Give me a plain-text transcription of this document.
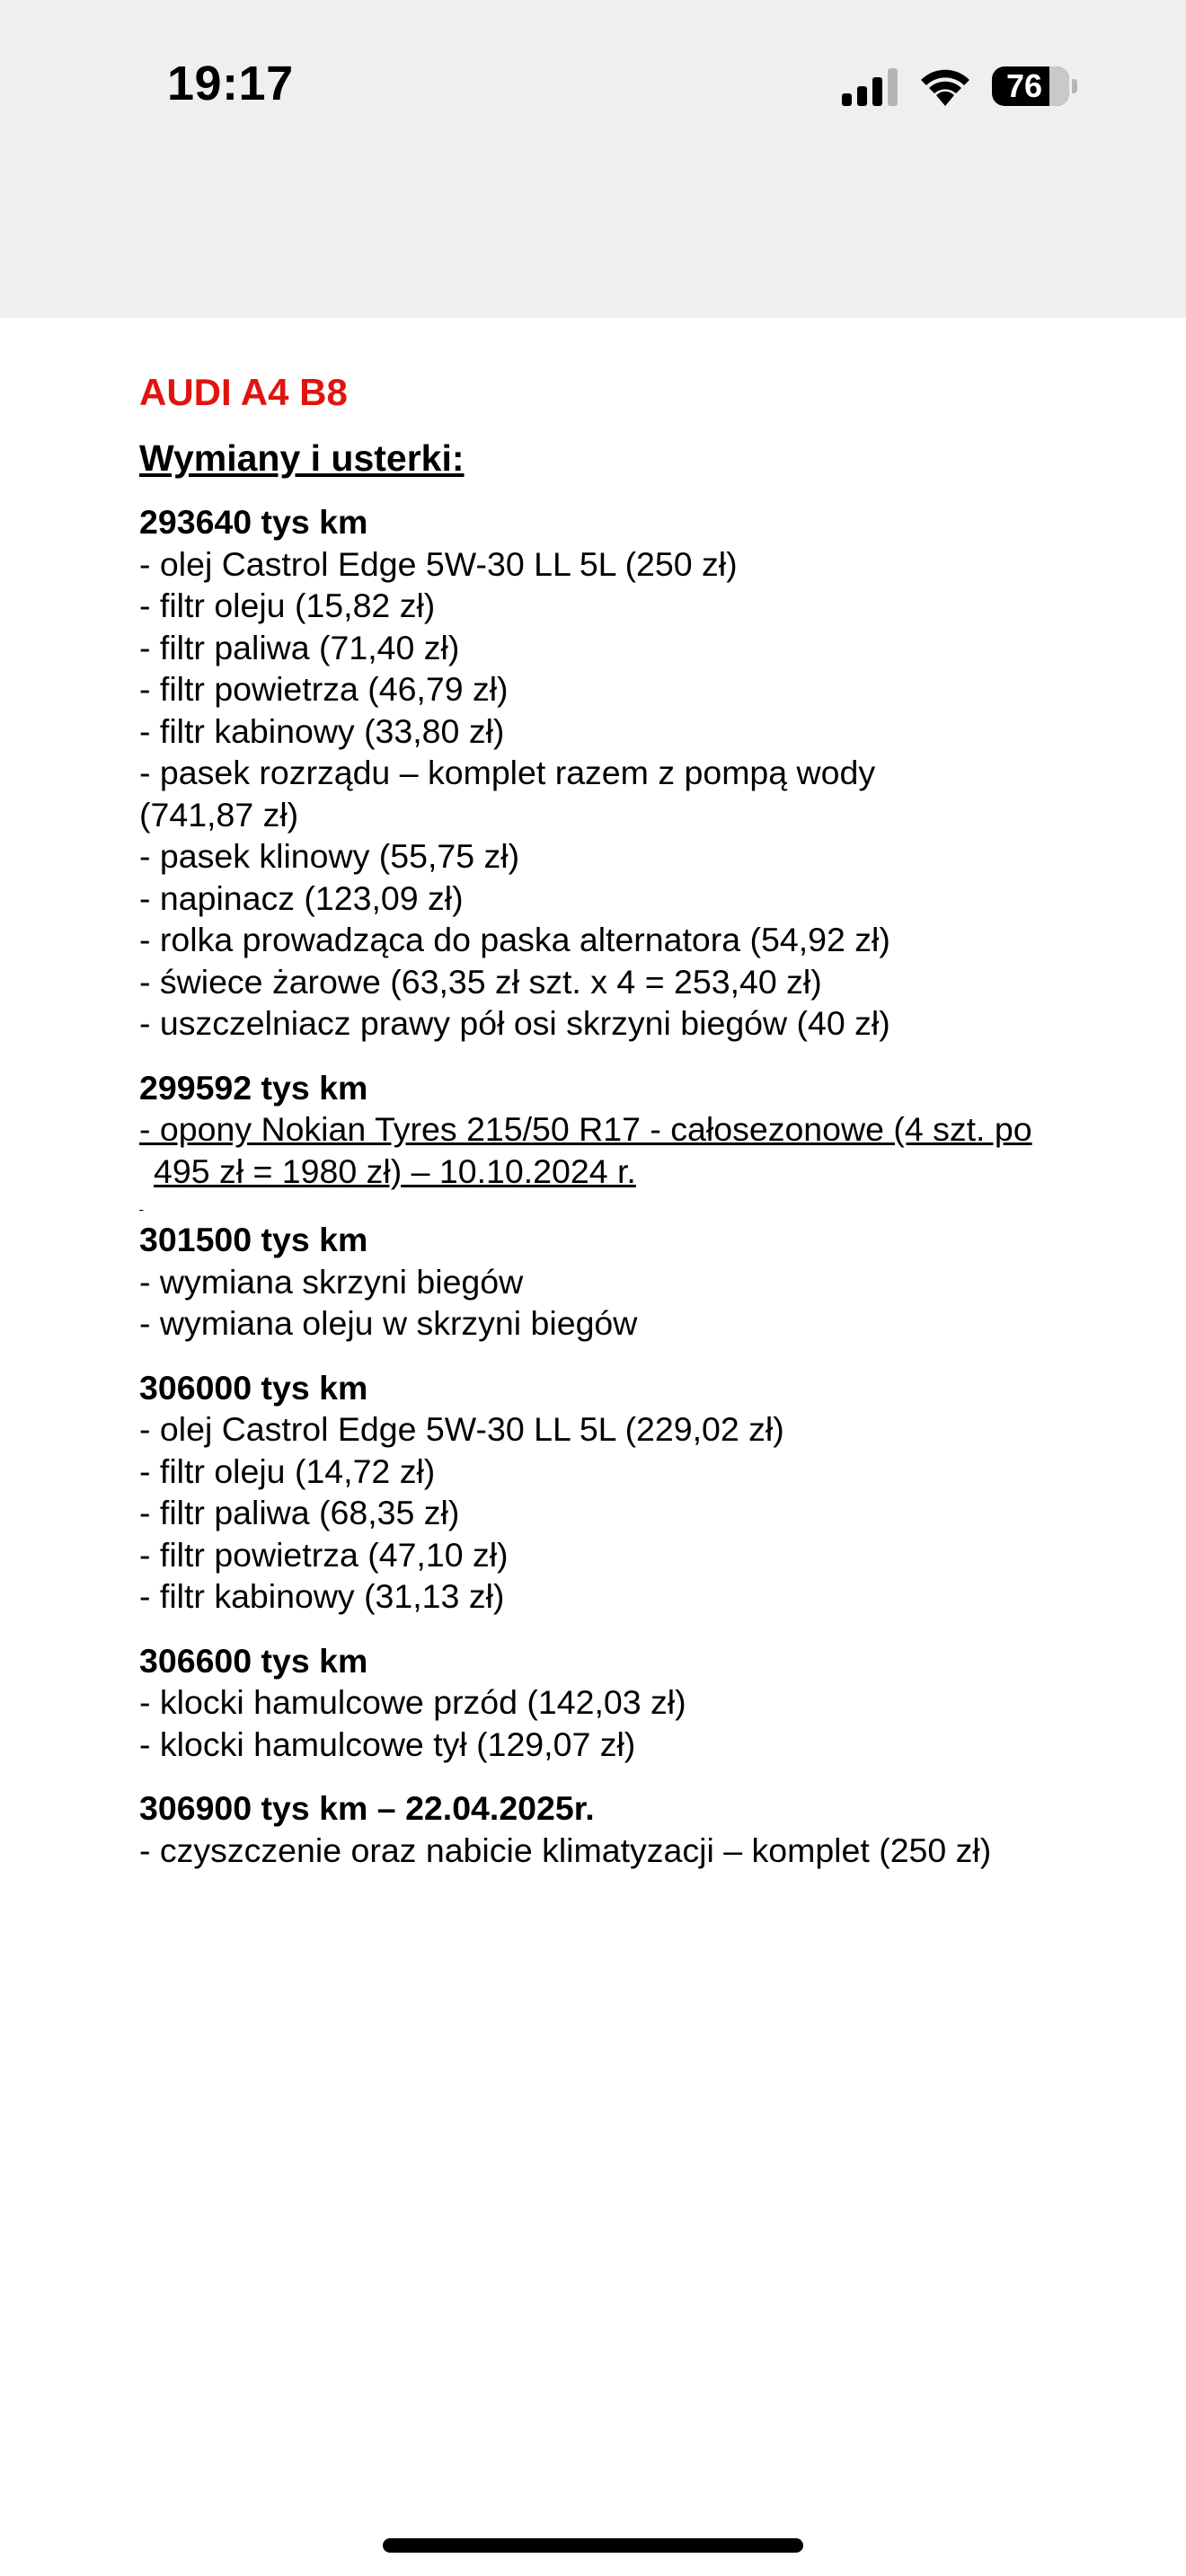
19:17	76
AUDI A4 B8
Wymiany i usterki:
293640 tys km
- olej Castrol Edge 5W-30 LL 5L (250 zł)
- filtr oleju (15,82 zł)
- filtr paliwa (71,40 zł)
- filtr powietrza (46,79 zł)
- filtr kabinowy (33,80 zł)
- pasek rozrządu – komplet razem z pompą wody (741,87 zł)
- pasek klinowy (55,75 zł)
- napinacz (123,09 zł)
- rolka prowadząca do paska alternatora (54,92 zł)
- świece żarowe (63,35 zł szt. x 4 = 253,40 zł)
- uszczelniacz prawy pół osi skrzyni biegów (40 zł)
299592 tys km
- opony Nokian Tyres 215/50 R17 - całosezonowe (4 szt. po 495 zł = 1980 zł) – 10.10.2024 r.

301500 tys km
- wymiana skrzyni biegów
- wymiana oleju w skrzyni biegów
306000 tys km
- olej Castrol Edge 5W-30 LL 5L (229,02 zł)
- filtr oleju (14,72 zł)
- filtr paliwa (68,35 zł)
- filtr powietrza (47,10 zł)
- filtr kabinowy (31,13 zł)
306600 tys km
- klocki hamulcowe przód (142,03 zł)
- klocki hamulcowe tył (129,07 zł)
306900 tys km – 22.04.2025r.
- czyszczenie oraz nabicie klimatyzacji – komplet (250 zł)
